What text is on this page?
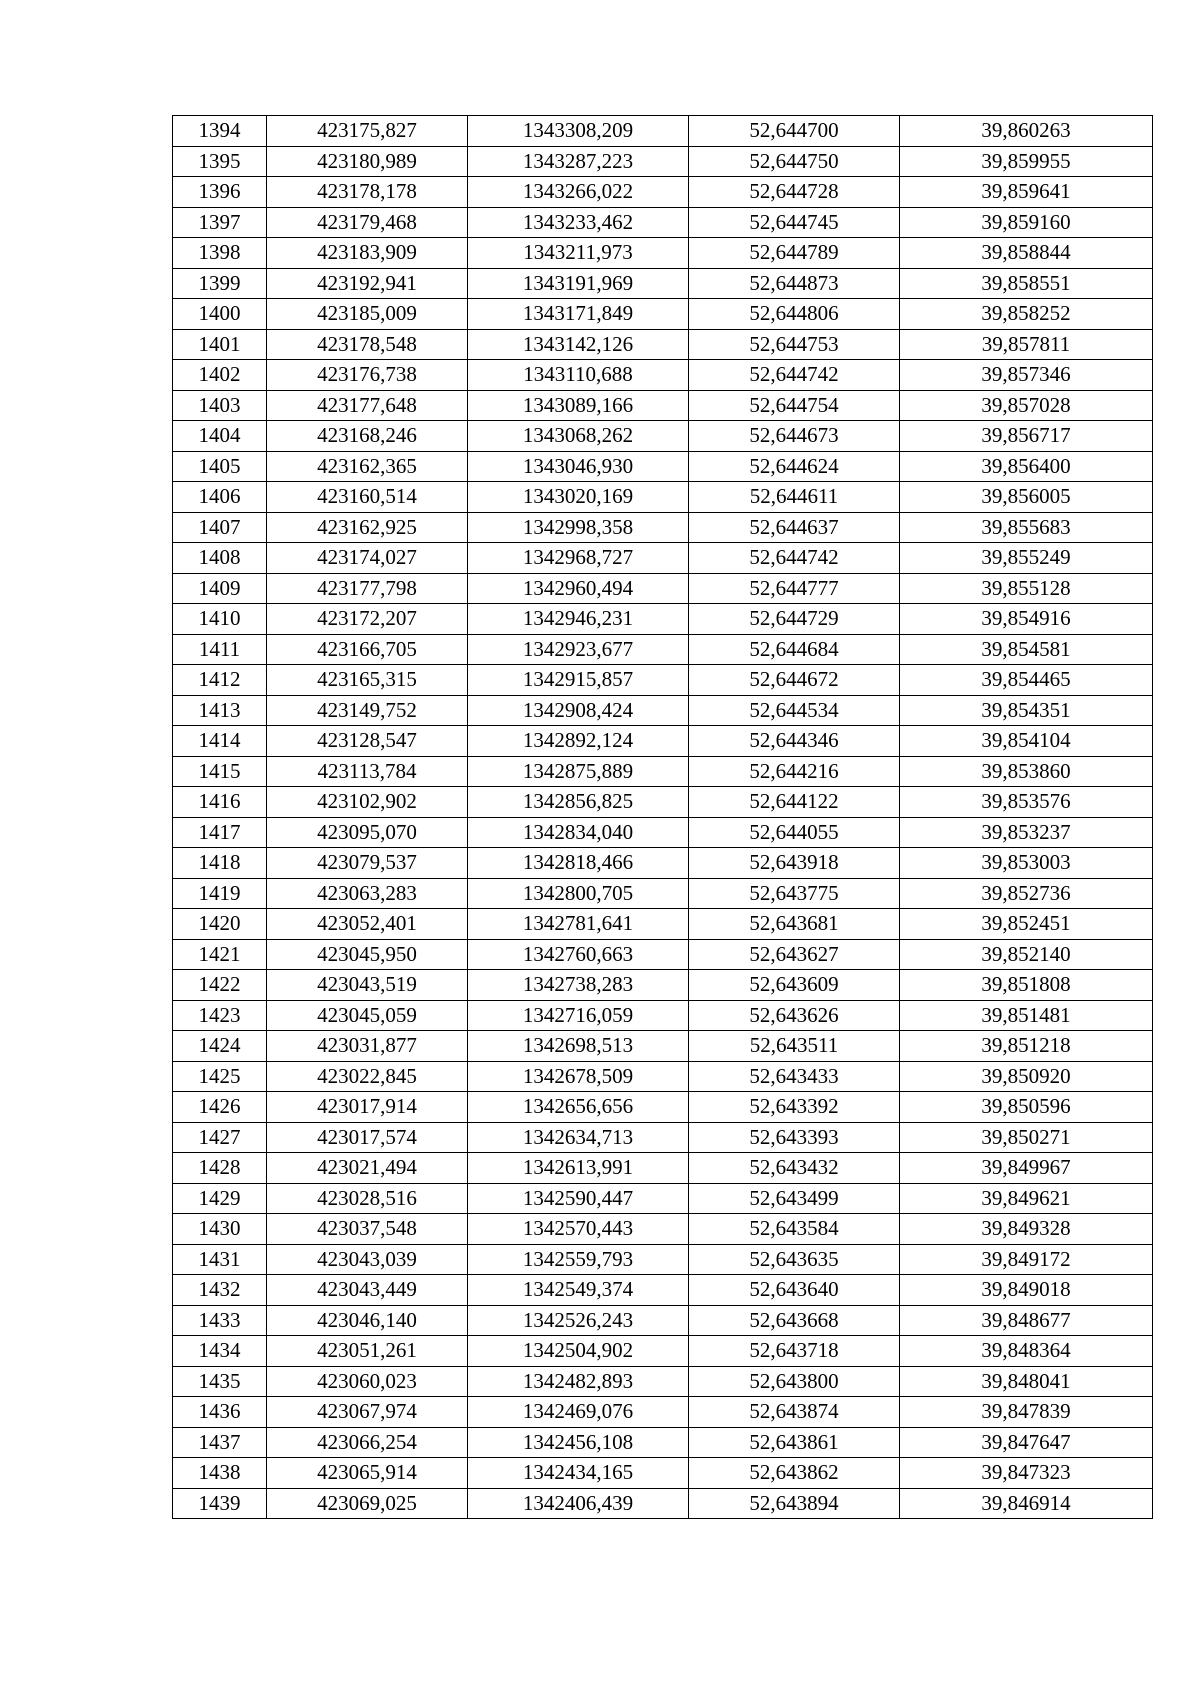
1394	423175,827	1343308,209	52,644700	39,860263
1395	423180,989	1343287,223	52,644750	39,859955
1396	423178,178	1343266,022	52,644728	39,859641
1397	423179,468	1343233,462	52,644745	39,859160
1398	423183,909	1343211,973	52,644789	39,858844
1399	423192,941	1343191,969	52,644873	39,858551
1400	423185,009	1343171,849	52,644806	39,858252
1401	423178,548	1343142,126	52,644753	39,857811
1402	423176,738	1343110,688	52,644742	39,857346
1403	423177,648	1343089,166	52,644754	39,857028
1404	423168,246	1343068,262	52,644673	39,856717
1405	423162,365	1343046,930	52,644624	39,856400
1406	423160,514	1343020,169	52,644611	39,856005
1407	423162,925	1342998,358	52,644637	39,855683
1408	423174,027	1342968,727	52,644742	39,855249
1409	423177,798	1342960,494	52,644777	39,855128
1410	423172,207	1342946,231	52,644729	39,854916
1411	423166,705	1342923,677	52,644684	39,854581
1412	423165,315	1342915,857	52,644672	39,854465
1413	423149,752	1342908,424	52,644534	39,854351
1414	423128,547	1342892,124	52,644346	39,854104
1415	423113,784	1342875,889	52,644216	39,853860
1416	423102,902	1342856,825	52,644122	39,853576
1417	423095,070	1342834,040	52,644055	39,853237
1418	423079,537	1342818,466	52,643918	39,853003
1419	423063,283	1342800,705	52,643775	39,852736
1420	423052,401	1342781,641	52,643681	39,852451
1421	423045,950	1342760,663	52,643627	39,852140
1422	423043,519	1342738,283	52,643609	39,851808
1423	423045,059	1342716,059	52,643626	39,851481
1424	423031,877	1342698,513	52,643511	39,851218
1425	423022,845	1342678,509	52,643433	39,850920
1426	423017,914	1342656,656	52,643392	39,850596
1427	423017,574	1342634,713	52,643393	39,850271
1428	423021,494	1342613,991	52,643432	39,849967
1429	423028,516	1342590,447	52,643499	39,849621
1430	423037,548	1342570,443	52,643584	39,849328
1431	423043,039	1342559,793	52,643635	39,849172
1432	423043,449	1342549,374	52,643640	39,849018
1433	423046,140	1342526,243	52,643668	39,848677
1434	423051,261	1342504,902	52,643718	39,848364
1435	423060,023	1342482,893	52,643800	39,848041
1436	423067,974	1342469,076	52,643874	39,847839
1437	423066,254	1342456,108	52,643861	39,847647
1438	423065,914	1342434,165	52,643862	39,847323
1439	423069,025	1342406,439	52,643894	39,846914
